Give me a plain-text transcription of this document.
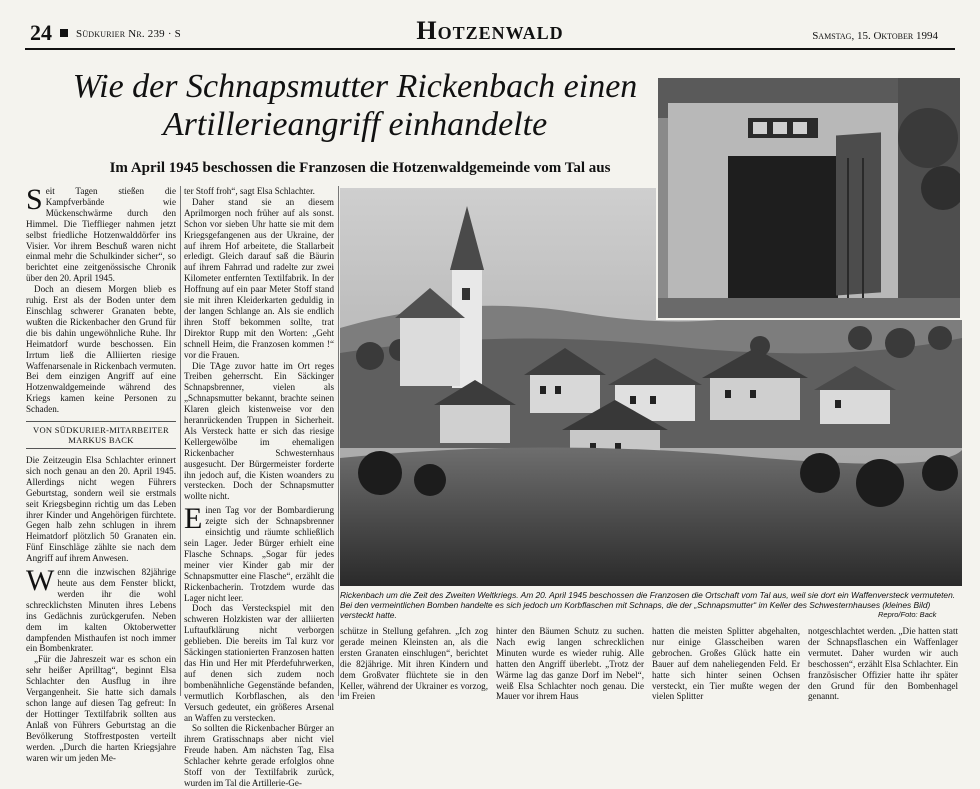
24 Südkurier Nr. 239 · S	Hotzenwald	Samstag, 15. Oktober 1994
Wie der Schnapsmutter Rickenbach einen Artillerieangriff einhandelte
Im April 1945 beschossen die Franzosen die Hotzenwaldgemeinde vom Tal aus

Seit Tagen stießen die Kampfverbände wie Mückenschwärme durch den Himmel. Die Tiefflieger nahmen jetzt selbst friedliche Hotzenwalddörfer ins Visier. Vor ihrem Beschuß waren nicht einmal mehr die Schulkinder sicher“, so berichtet eine zeitgenössische Chronik über den 20. April 1945.

Doch an diesem Morgen blieb es ruhig. Erst als der Boden unter dem Einschlag schwerer Granaten bebte, wußten die Rickenbacher den Grund für die bis dahin ungewöhnliche Ruhe. Ihr Heimatdorf wurde beschossen. Ein Irrtum ließ die Alliierten riesige Waffenarsenale in Rickenbach vermuten. Bei dem einzigen Angriff auf eine Hotzenwaldgemeinde während des Kriegs kamen keine Personen zu Schaden.

VON SÜDKURIER-MITARBEITER MARKUS BACK

Die Zeitzeugin Elsa Schlachter erinnert sich noch genau an den 20. April 1945. Allerdings nicht wegen Führers Geburtstag, sondern weil sie erstmals seit Kriegsbeginn richtig um das Leben ihrer Kinder und Angehörigen fürchtete. Gegen halb zehn schlugen in ihrem Heimatdorf plötzlich 50 Granaten ein. Fünf Einschläge zählte sie nach dem Angriff auf ihrem Anwesen.

Wenn die inzwischen 82jährige heute aus dem Fenster blickt, werden ihr die wohl schrecklichsten Minuten ihres Lebens ins Gedächnis zurückgerufen. Neben dem im kalten Oktoberwetter dampfenden Misthaufen ist noch immer ein Bombenkrater.

„Für die Jahreszeit war es schon ein sehr heißer Aprilltag“, beginnt Elsa Schlachter den Ausflug in ihre Vergangenheit. Sie hatte sich damals schon lange auf diesen Tag gefreut: In der Hottinger Textilfabrik sollten aus Anlaß von Führers Geburtstag an die Bevölkerung Stoffrestposten verteilt werden. „Durch die harten Kriegsjahre waren wir um jeden Me-

ter Stoff froh“, sagt Elsa Schlachter.

Daher stand sie an diesem Aprilmorgen noch früher auf als sonst. Schon vor sieben Uhr hatte sie mit dem Kriegsgefangenen aus der Ukraine, der auf ihrem Hof arbeitete, die Stallarbeit erledigt. Gleich darauf saß die Bäurin auf ihrem Fahrrad und radelte zur zwei Kilometer entfernten Textilfabrik. In der Hoffnung auf ein paar Meter Stoff stand sie mit ihren Kleiderkarten geduldig in der langen Schlange an. Als sie endlich ihren Stoff bekommen sollte, trat Direktor Rupp mit den Worten: „Geht schnell Heim, die Franzosen kommen !“ vor die Frauen.

Die TAge zuvor hatte im Ort reges Treiben geherrscht. Ein Säckinger Schnapsbrenner, vielen als „Schnapsmutter bekannt, brachte seinen Klaren gleich kistenweise vor den heranrückenden Truppen in Sicherheit. Als Versteck hatte er sich das riesige Kellergewölbe im ehemaligen Rickenbacher Schwesternhaus ausgesucht. Der Bürgermeister forderte ihn jedoch auf, die Kisten woanders zu verstecken. Doch der Schnapsmutter wollte nicht.

Einen Tag vor der Bombardierung zeigte sich der Schnapsbrenner einsichtig und räumte schließlich sein Lager. Jeder Bürger erhielt eine Flasche Schnaps. „Sogar für jedes meiner vier Kinder gab mir der Schnapsmutter eine Flasche“, erzählt die Rickenbacherin. Trotzdem wurde das Lager nicht leer.

Doch das Versteckspiel mit den schweren Holzkisten war der alliierten Luftaufklärung nicht verborgen geblieben. Die bereits im Tal kurz vor Säckingen stationierten Franzosen hatten das Hin und Her mit Pferdefuhrwerken, auf denen sich zudem noch bombenähnliche Gegenstände befanden, vermutlich Korbflaschen, als den Versuch gedeutet, ein größeres Arsenal an Waffen zu verstecken.

So sollten die Rickenbacher Bürger an ihrem Gratisschnaps aber nicht viel Freude haben. Am nächsten Tag, Elsa Schlacher kehrte gerade erfolglos ohne Stoff von der Textilfabrik zurück, wurden im Tal die Artillerie-Ge-

Rickenbach um die Zeit des Zweiten Weltkriegs. Am 20. April 1945 beschossen die Franzosen die Ortschaft vom Tal aus, weil sie dort ein Waffenversteck vermuteten. Bei den vermeintlichen Bomben handelte es sich jedoch um Korbflaschen mit Schnaps, die der „Schnapsmutter“ im Keller des Schwesternhauses (kleines Bild) versteckt hatte.	Repro/Foto: Back

schütze in Stellung gefahren. „Ich zog gerade meinen Kleinsten an, als die ersten Granaten einschlugen“, berichtet die 82jährige. Mit ihren Kindern und dem Großvater flüchtete sie in den Keller, während der Ukrainer es vorzog, im Freien

hinter den Bäumen Schutz zu suchen. Nach ewig langen schrecklichen Minuten wurde es wieder ruhig. Alle hatten den Angriff überlebt. „Trotz der Wärme lag das ganze Dorf im Nebel“, weiß Elsa Schlachter noch genau. Die Mauer vor ihrem Haus

hatten die meisten Splitter abgehalten, nur einige Glasscheiben waren gebrochen. Großes Glück hatte ein Bauer auf dem naheliegenden Feld. Er hatte sich hinter seinen Ochsen versteckt, ein Tier mußte wegen der vielen Splitter

notgeschlachtet werden. „Die hatten statt der Schnapsflaschen ein Waffenlager vermutet. Daher wurden wir auch beschossen“, erzählt Elsa Schlachter. Ein französischer Offizier hatte ihr später den Grund für den Bombenhagel genannt.
